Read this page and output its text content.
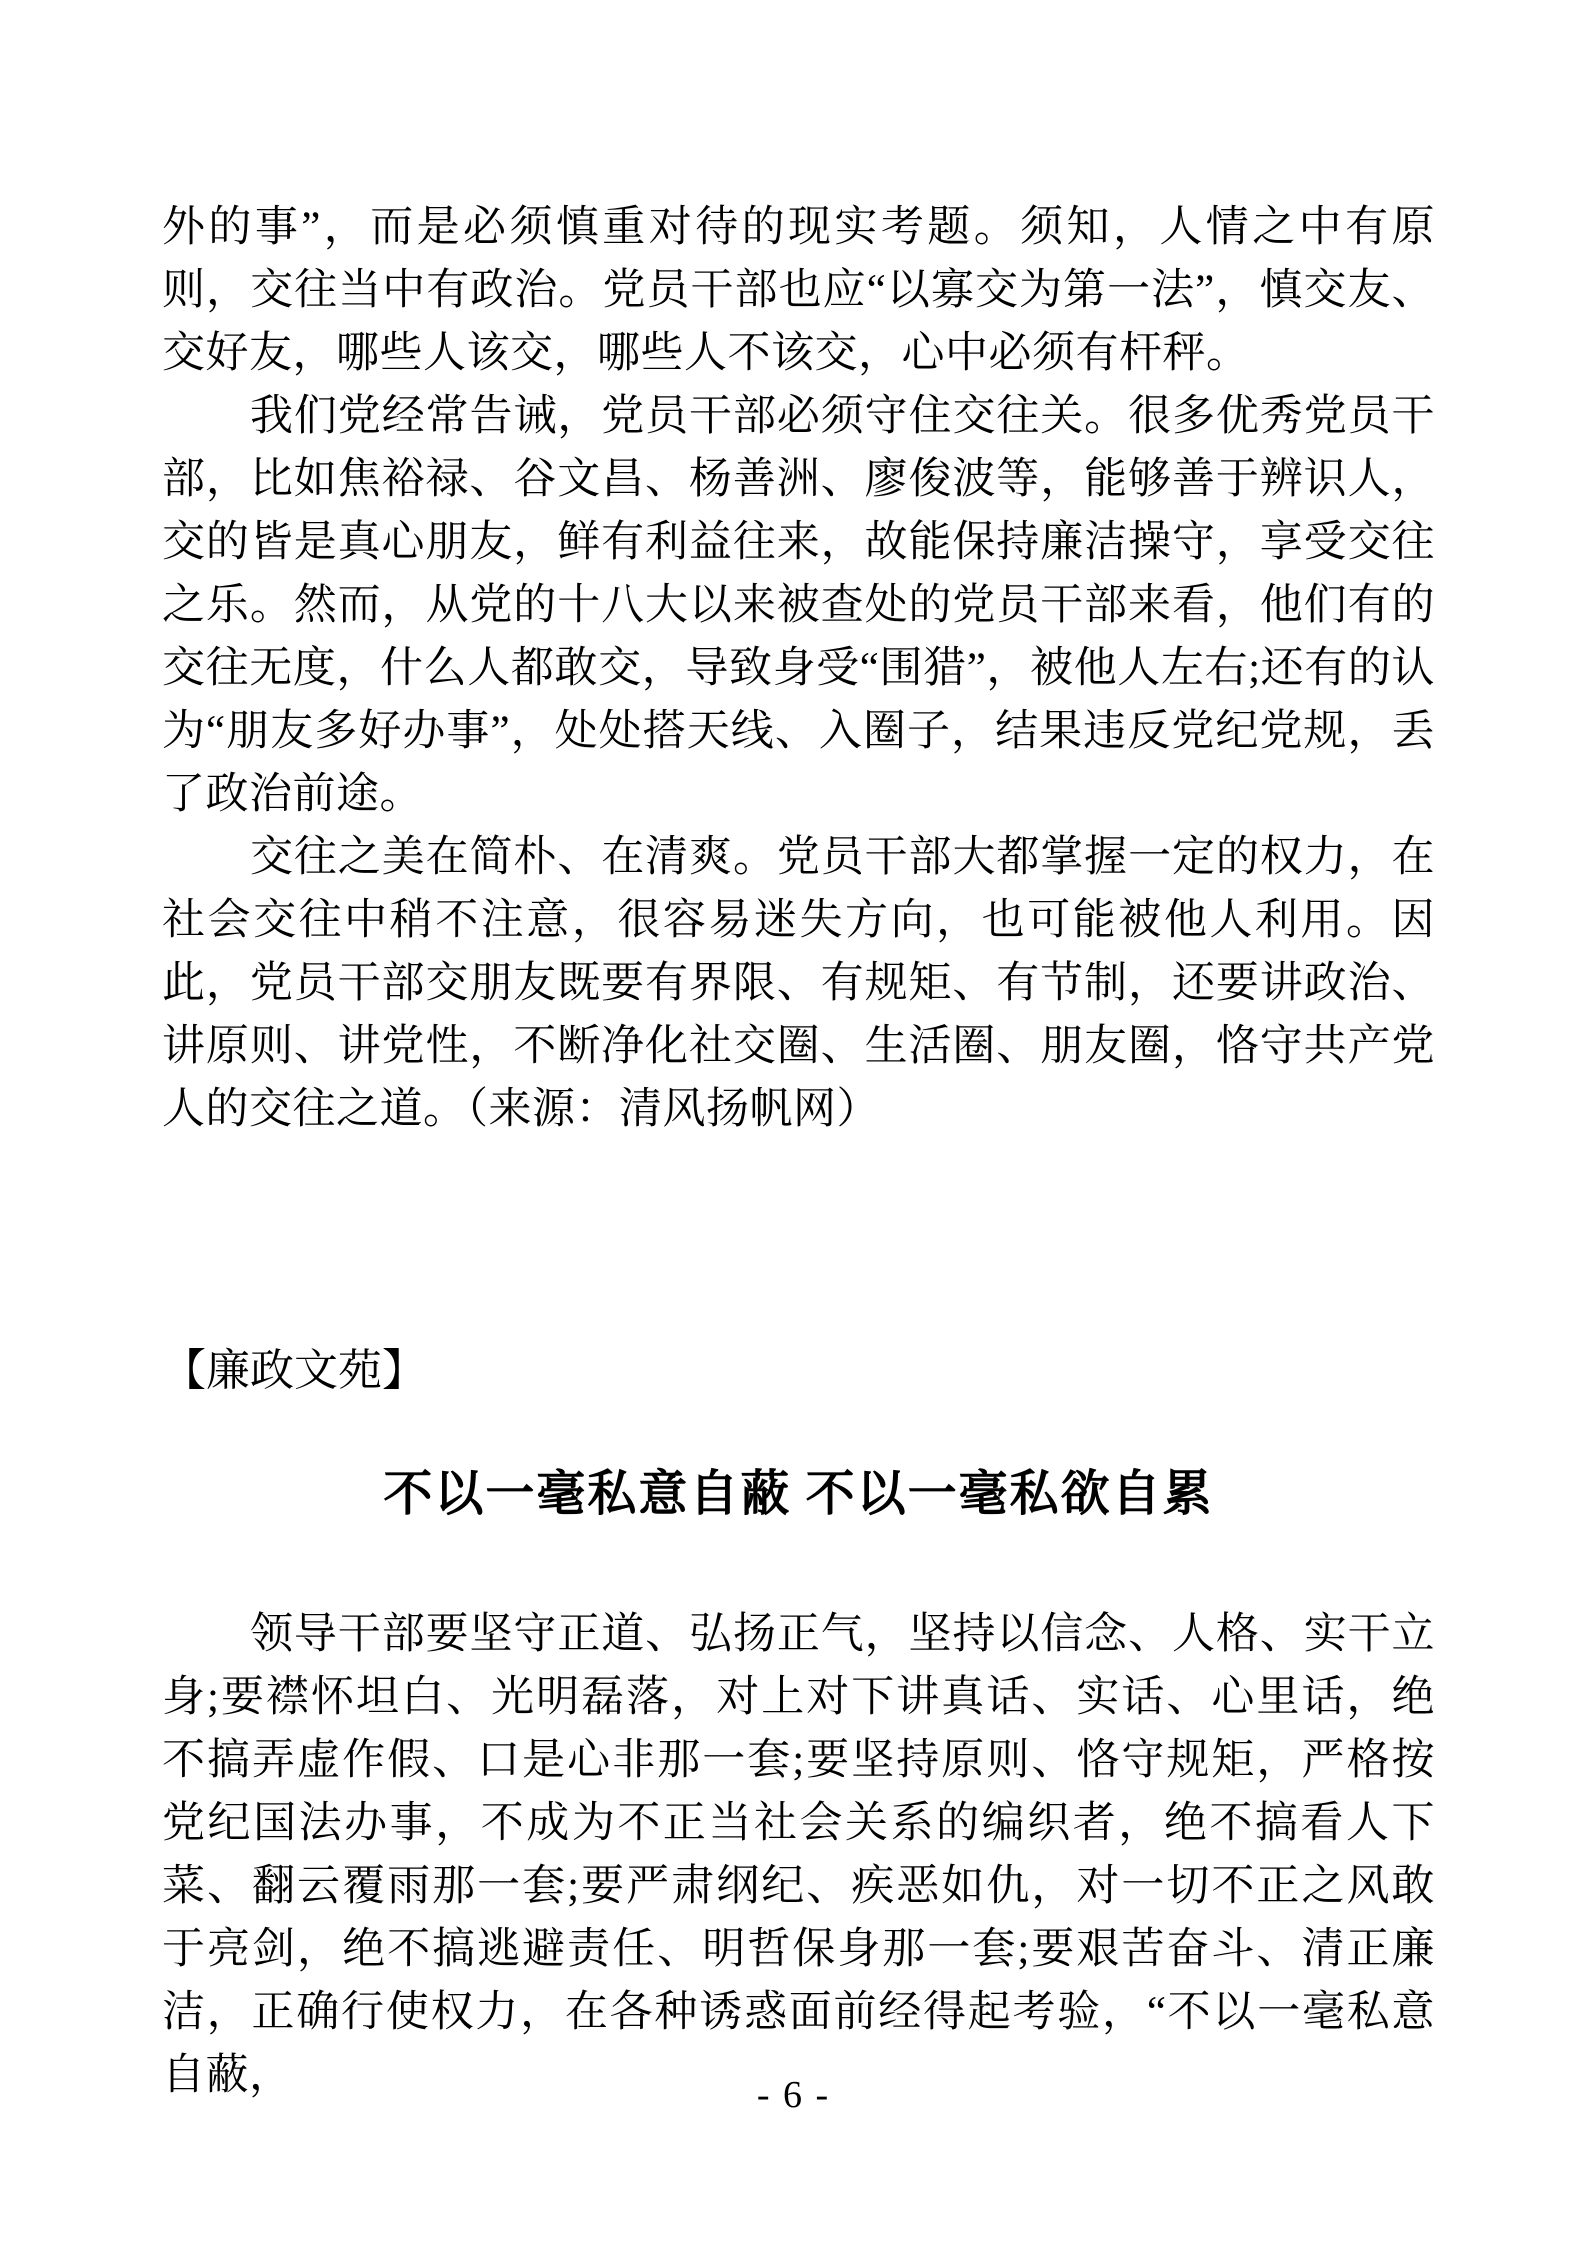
外的事”，而是必须慎重对待的现实考题。须知，人情之中有原则，交往当中有政治。党员干部也应“以寡交为第一法”，慎交友、交好友，哪些人该交，哪些人不该交，心中必须有杆秤。

我们党经常告诫，党员干部必须守住交往关。很多优秀党员干部，比如焦裕禄、谷文昌、杨善洲、廖俊波等，能够善于辨识人，交的皆是真心朋友，鲜有利益往来，故能保持廉洁操守，享受交往之乐。然而，从党的十八大以来被查处的党员干部来看，他们有的交往无度，什么人都敢交，导致身受“围猎”，被他人左右;还有的认为“朋友多好办事”，处处搭天线、入圈子，结果违反党纪党规，丢了政治前途。

交往之美在简朴、在清爽。党员干部大都掌握一定的权力，在社会交往中稍不注意，很容易迷失方向，也可能被他人利用。因此，党员干部交朋友既要有界限、有规矩、有节制，还要讲政治、讲原则、讲党性，不断净化社交圈、生活圈、朋友圈，恪守共产党人的交往之道。（来源：清风扬帆网）

【廉政文苑】

不以一毫私意自蔽 不以一毫私欲自累

领导干部要坚守正道、弘扬正气，坚持以信念、人格、实干立身;要襟怀坦白、光明磊落，对上对下讲真话、实话、心里话，绝不搞弄虚作假、口是心非那一套;要坚持原则、恪守规矩，严格按党纪国法办事，不成为不正当社会关系的编织者，绝不搞看人下菜、翻云覆雨那一套;要严肃纲纪、疾恶如仇，对一切不正之风敢于亮剑，绝不搞逃避责任、明哲保身那一套;要艰苦奋斗、清正廉洁，正确行使权力，在各种诱惑面前经得起考验，“不以一毫私意自蔽，	- 6 -
